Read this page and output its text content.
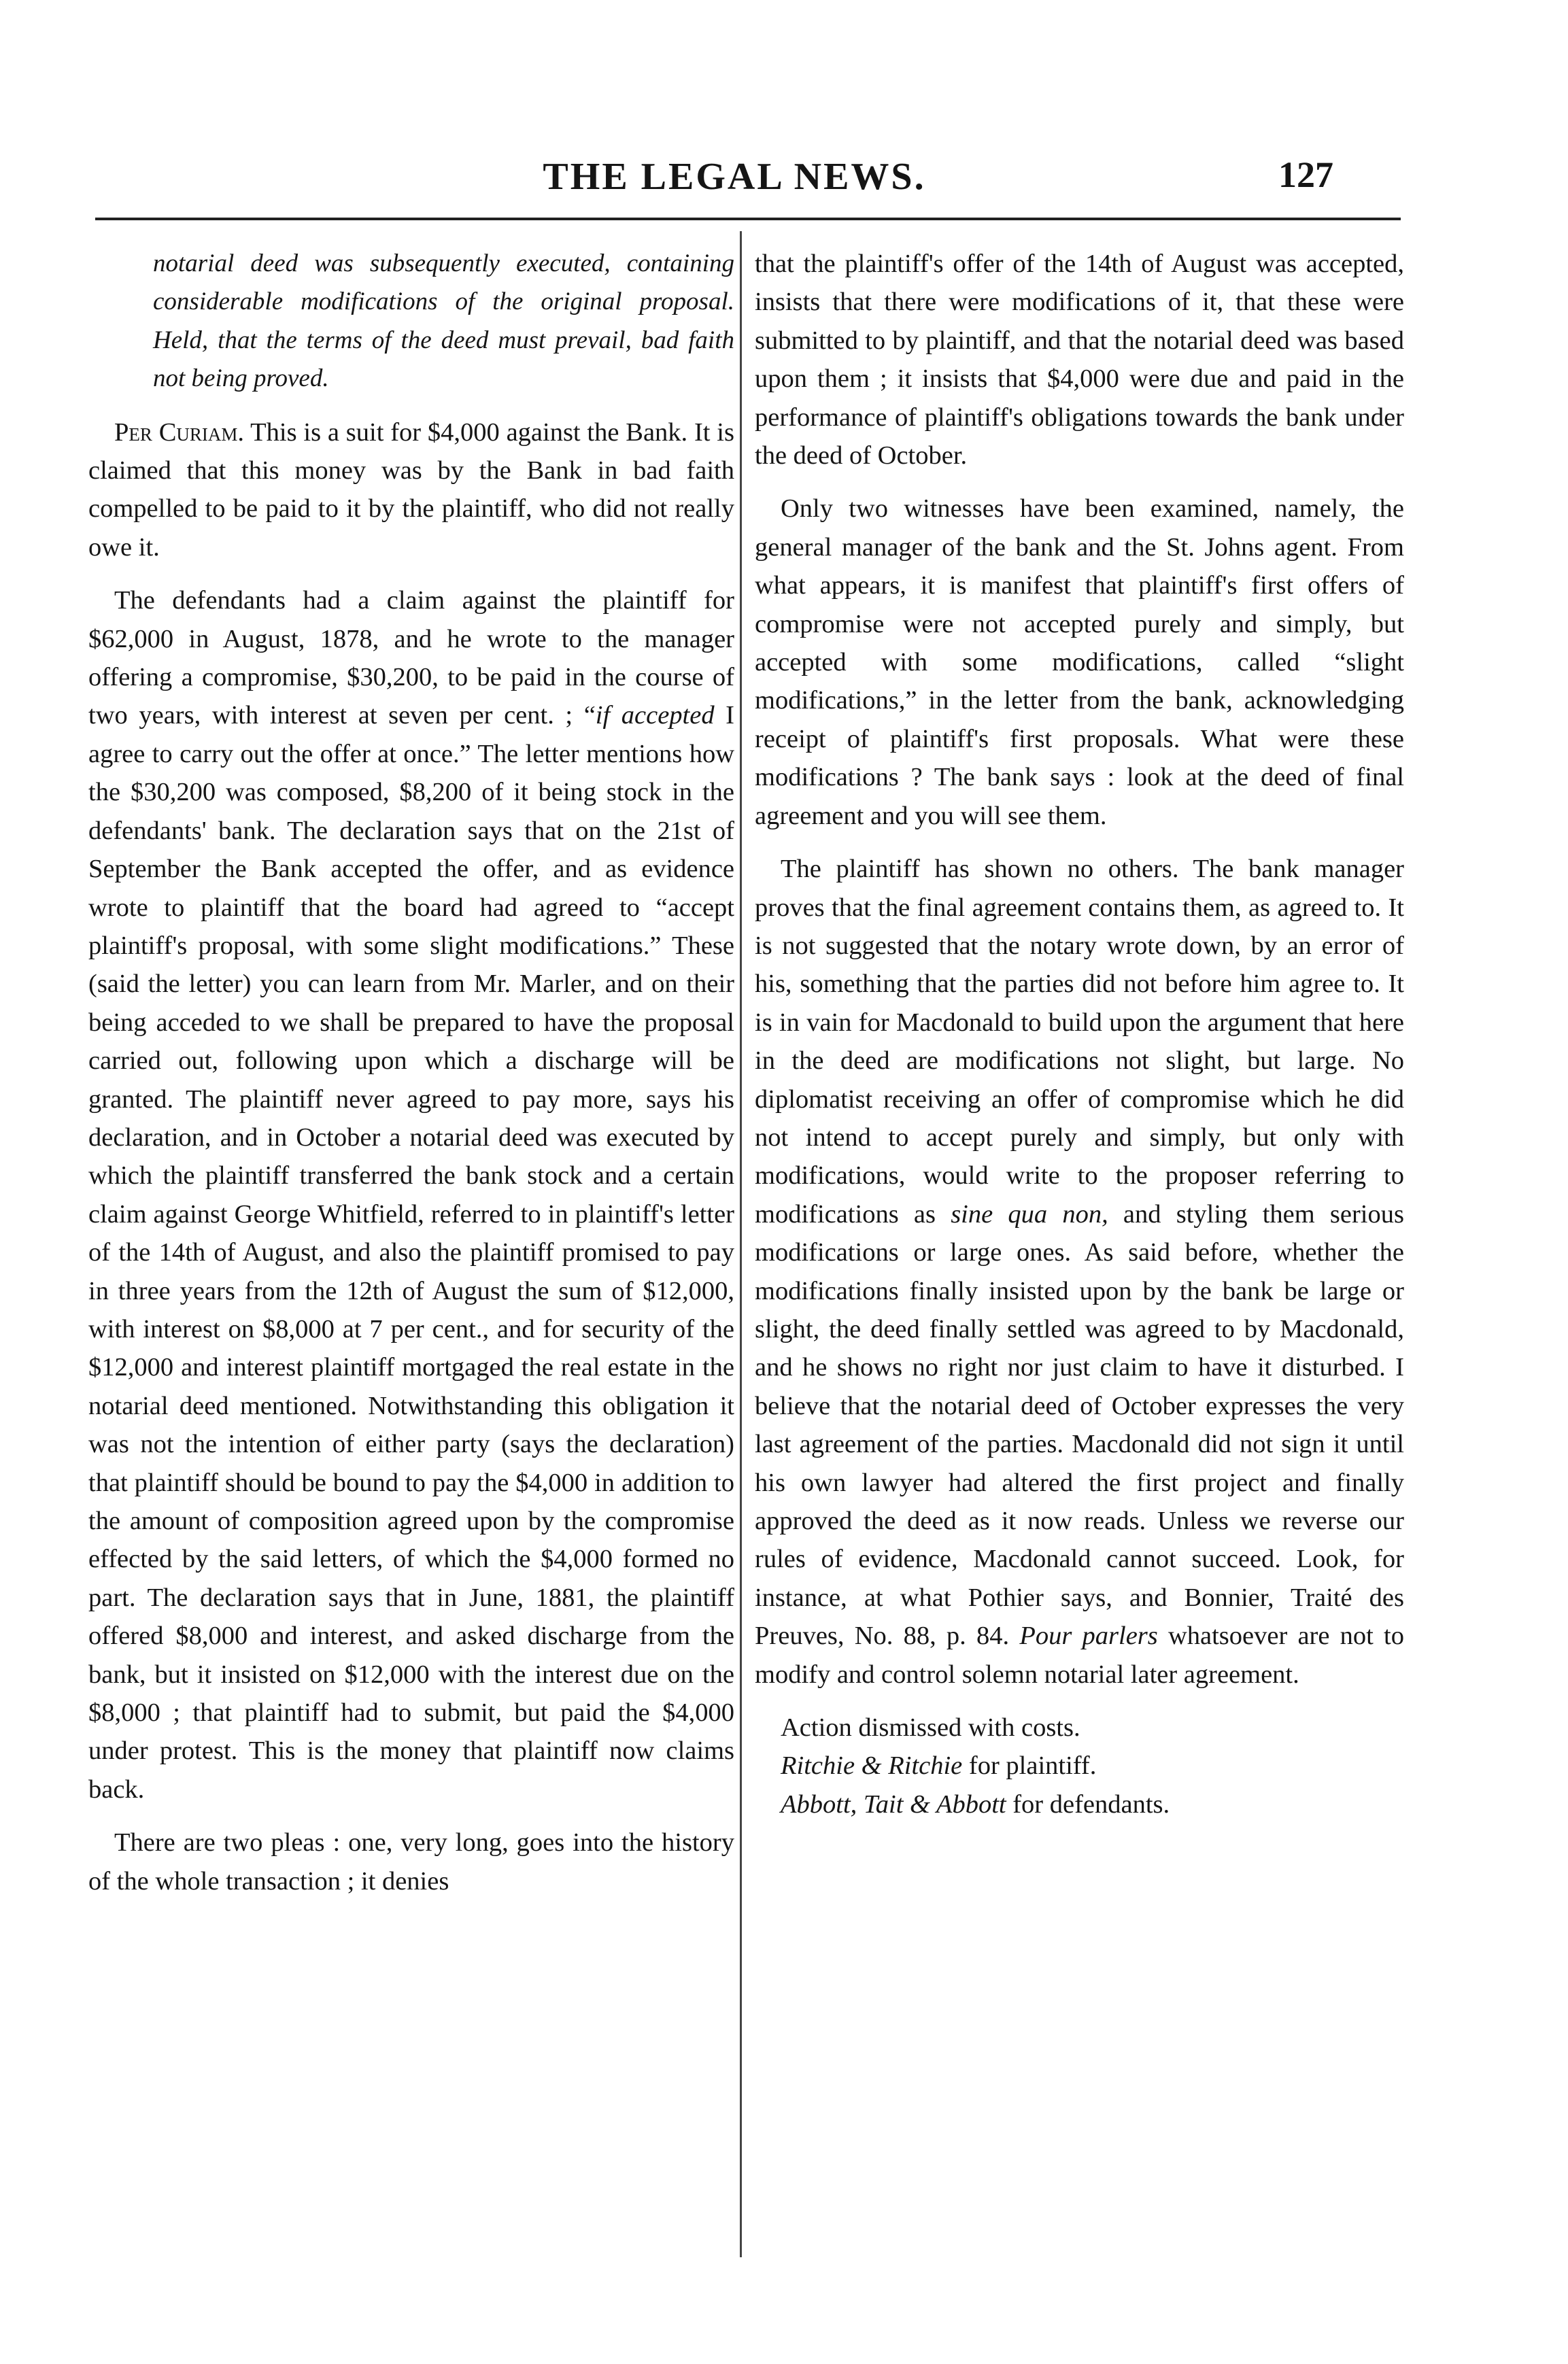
THE LEGAL NEWS.	127

notarial deed was subsequently executed, containing considerable modifications of the original proposal. Held, that the terms of the deed must prevail, bad faith not being proved.

Per Curiam. This is a suit for $4,000 against the Bank. It is claimed that this money was by the Bank in bad faith compelled to be paid to it by the plaintiff, who did not really owe it.

The defendants had a claim against the plaintiff for $62,000 in August, 1878, and he wrote to the manager offering a compromise, $30,200, to be paid in the course of two years, with interest at seven per cent. ; “if accepted I agree to carry out the offer at once.” The letter mentions how the $30,200 was composed, $8,200 of it being stock in the defendants' bank. The declaration says that on the 21st of September the Bank accepted the offer, and as evidence wrote to plaintiff that the board had agreed to “accept plaintiff's proposal, with some slight modifications.” These (said the letter) you can learn from Mr. Marler, and on their being acceded to we shall be prepared to have the proposal carried out, following upon which a discharge will be granted. The plaintiff never agreed to pay more, says his declaration, and in October a notarial deed was executed by which the plaintiff transferred the bank stock and a certain claim against George Whitfield, referred to in plaintiff's letter of the 14th of August, and also the plaintiff promised to pay in three years from the 12th of August the sum of $12,000, with interest on $8,000 at 7 per cent., and for security of the $12,000 and interest plaintiff mortgaged the real estate in the notarial deed mentioned. Notwithstanding this obligation it was not the intention of either party (says the declaration) that plaintiff should be bound to pay the $4,000 in addition to the amount of composition agreed upon by the compromise effected by the said letters, of which the $4,000 formed no part. The declaration says that in June, 1881, the plaintiff offered $8,000 and interest, and asked discharge from the bank, but it insisted on $12,000 with the interest due on the $8,000 ; that plaintiff had to submit, but paid the $4,000 under protest. This is the money that plaintiff now claims back.

There are two pleas : one, very long, goes into the history of the whole transaction ; it denies

that the plaintiff's offer of the 14th of August was accepted, insists that there were modifications of it, that these were submitted to by plaintiff, and that the notarial deed was based upon them ; it insists that $4,000 were due and paid in the performance of plaintiff's obligations towards the bank under the deed of October.

Only two witnesses have been examined, namely, the general manager of the bank and the St. Johns agent. From what appears, it is manifest that plaintiff's first offers of compromise were not accepted purely and simply, but accepted with some modifications, called “slight modifications,” in the letter from the bank, acknowledging receipt of plaintiff's first proposals. What were these modifications ? The bank says : look at the deed of final agreement and you will see them.

The plaintiff has shown no others. The bank manager proves that the final agreement contains them, as agreed to. It is not suggested that the notary wrote down, by an error of his, something that the parties did not before him agree to. It is in vain for Macdonald to build upon the argument that here in the deed are modifications not slight, but large. No diplomatist receiving an offer of compromise which he did not intend to accept purely and simply, but only with modifications, would write to the proposer referring to modifications as sine qua non, and styling them serious modifications or large ones. As said before, whether the modifications finally insisted upon by the bank be large or slight, the deed finally settled was agreed to by Macdonald, and he shows no right nor just claim to have it disturbed. I believe that the notarial deed of October expresses the very last agreement of the parties. Macdonald did not sign it until his own lawyer had altered the first project and finally approved the deed as it now reads. Unless we reverse our rules of evidence, Macdonald cannot succeed. Look, for instance, at what Pothier says, and Bonnier, Traité des Preuves, No. 88, p. 84. Pour parlers whatsoever are not to modify and control solemn notarial later agreement.

Action dismissed with costs.

Ritchie & Ritchie for plaintiff.

Abbott, Tait & Abbott for defendants.
